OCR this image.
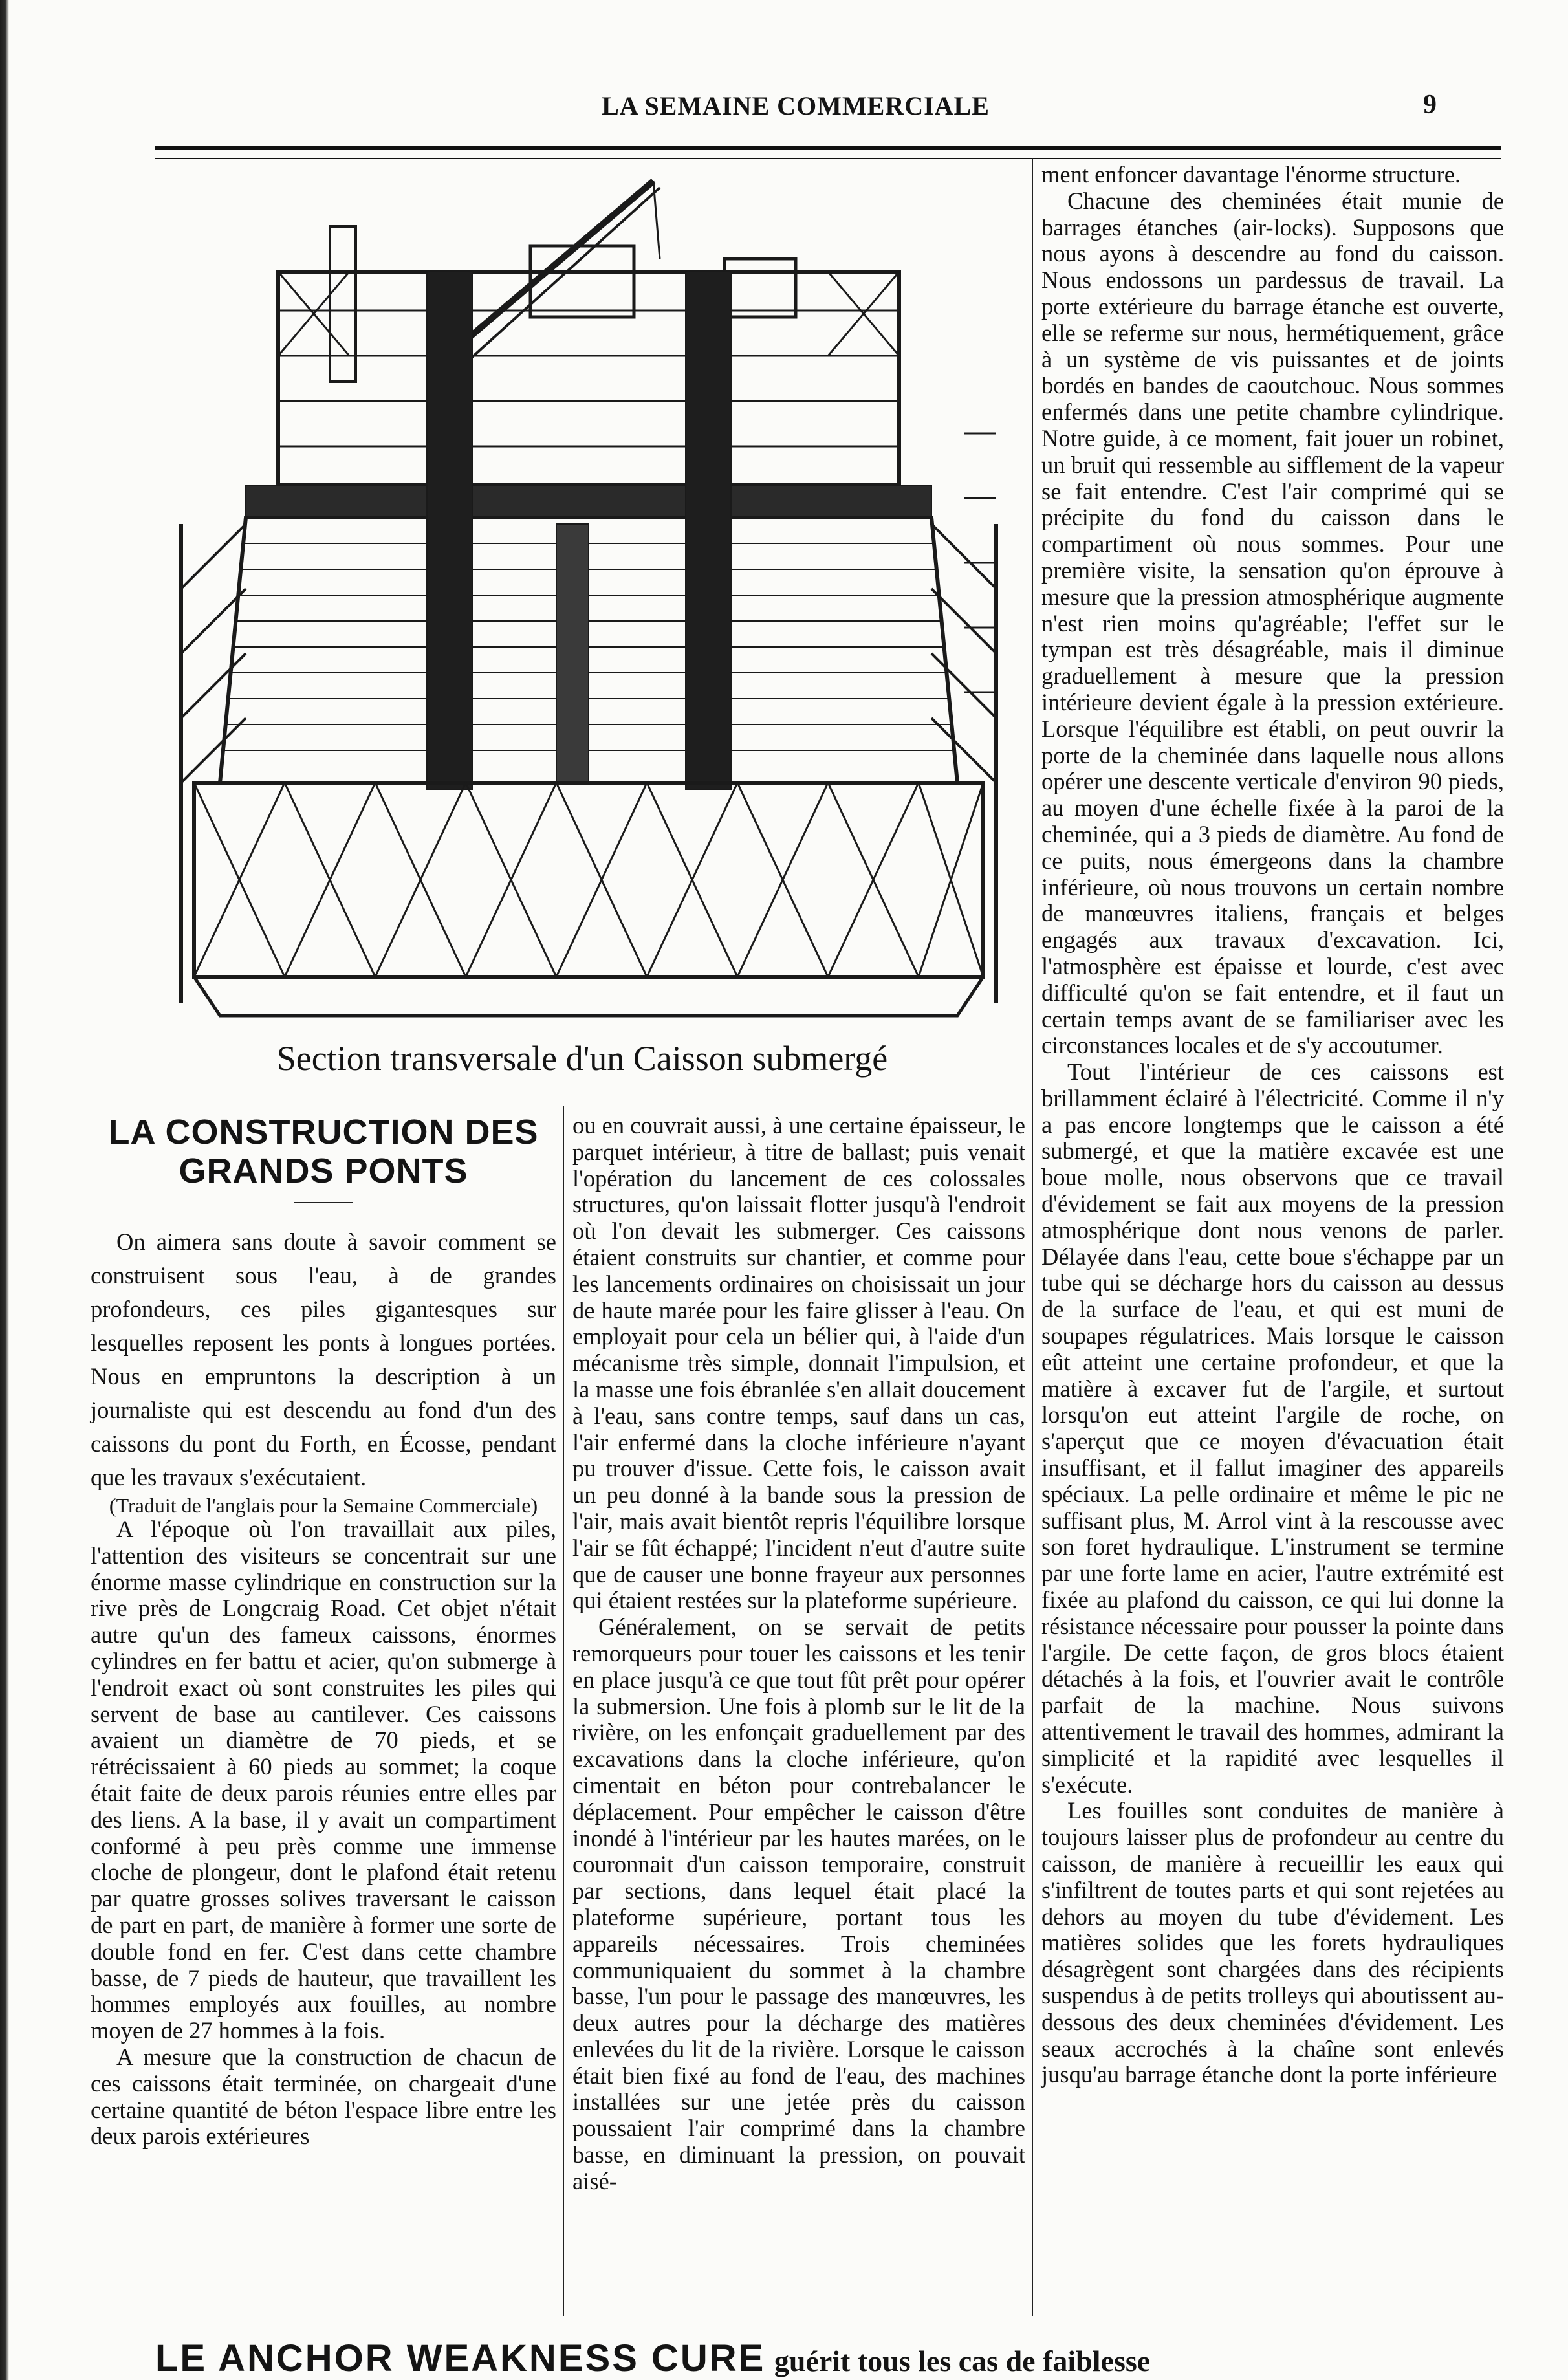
LA SEMAINE COMMERCIALE	9
Section transversale d'un Caisson submergé
LA CONSTRUCTION DES GRANDS PONTS

On aimera sans doute à savoir comment se construisent sous l'eau, à de grandes profondeurs, ces piles gigantesques sur lesquelles reposent les ponts à longues portées. Nous en empruntons la description à un journaliste qui est descendu au fond d'un des caissons du pont du Forth, en Écosse, pendant que les travaux s'exécutaient.

(Traduit de l'anglais pour la Semaine Commerciale)

A l'époque où l'on travaillait aux piles, l'attention des visiteurs se concentrait sur une énorme masse cylindrique en construction sur la rive près de Longcraig Road. Cet objet n'était autre qu'un des fameux caissons, énormes cylindres en fer battu et acier, qu'on submerge à l'endroit exact où sont construites les piles qui servent de base au cantilever. Ces caissons avaient un diamètre de 70 pieds, et se rétrécissaient à 60 pieds au sommet; la coque était faite de deux parois réunies entre elles par des liens. A la base, il y avait un compartiment conformé à peu près comme une immense cloche de plongeur, dont le plafond était retenu par quatre grosses solives traversant le caisson de part en part, de manière à former une sorte de double fond en fer. C'est dans cette chambre basse, de 7 pieds de hauteur, que travaillent les hommes employés aux fouilles, au nombre moyen de 27 hommes à la fois.

A mesure que la construction de chacun de ces caissons était terminée, on chargeait d'une certaine quantité de béton l'espace libre entre les deux parois extérieures

ou en couvrait aussi, à une certaine épaisseur, le parquet intérieur, à titre de ballast; puis venait l'opération du lancement de ces colossales structures, qu'on laissait flotter jusqu'à l'endroit où l'on devait les submerger. Ces caissons étaient construits sur chantier, et comme pour les lancements ordinaires on choisissait un jour de haute marée pour les faire glisser à l'eau. On employait pour cela un bélier qui, à l'aide d'un mécanisme très simple, donnait l'impulsion, et la masse une fois ébranlée s'en allait doucement à l'eau, sans contre temps, sauf dans un cas, l'air enfermé dans la cloche inférieure n'ayant pu trouver d'issue. Cette fois, le caisson avait un peu donné à la bande sous la pression de l'air, mais avait bientôt repris l'équilibre lorsque l'air se fût échappé; l'incident n'eut d'autre suite que de causer une bonne frayeur aux personnes qui étaient restées sur la plateforme supérieure.

Généralement, on se servait de petits remorqueurs pour touer les caissons et les tenir en place jusqu'à ce que tout fût prêt pour opérer la submersion. Une fois à plomb sur le lit de la rivière, on les enfonçait graduellement par des excavations dans la cloche inférieure, qu'on cimentait en béton pour contrebalancer le déplacement. Pour empêcher le caisson d'être inondé à l'intérieur par les hautes marées, on le couronnait d'un caisson temporaire, construit par sections, dans lequel était placé la plateforme supérieure, portant tous les appareils nécessaires. Trois cheminées communiquaient du sommet à la chambre basse, l'un pour le passage des manœuvres, les deux autres pour la décharge des matières enlevées du lit de la rivière. Lorsque le caisson était bien fixé au fond de l'eau, des machines installées sur une jetée près du caisson poussaient l'air comprimé dans la chambre basse, en diminuant la pression, on pouvait aisé-

ment enfoncer davantage l'énorme structure.

Chacune des cheminées était munie de barrages étanches (air-locks). Supposons que nous ayons à descendre au fond du caisson. Nous endossons un pardessus de travail. La porte extérieure du barrage étanche est ouverte, elle se referme sur nous, hermétiquement, grâce à un système de vis puissantes et de joints bordés en bandes de caoutchouc. Nous sommes enfermés dans une petite chambre cylindrique. Notre guide, à ce moment, fait jouer un robinet, un bruit qui ressemble au sifflement de la vapeur se fait entendre. C'est l'air comprimé qui se précipite du fond du caisson dans le compartiment où nous sommes. Pour une première visite, la sensation qu'on éprouve à mesure que la pression atmosphérique augmente n'est rien moins qu'agréable; l'effet sur le tympan est très désagréable, mais il diminue graduellement à mesure que la pression intérieure devient égale à la pression extérieure. Lorsque l'équilibre est établi, on peut ouvrir la porte de la cheminée dans laquelle nous allons opérer une descente verticale d'environ 90 pieds, au moyen d'une échelle fixée à la paroi de la cheminée, qui a 3 pieds de diamètre. Au fond de ce puits, nous émergeons dans la chambre inférieure, où nous trouvons un certain nombre de manœuvres italiens, français et belges engagés aux travaux d'excavation. Ici, l'atmosphère est épaisse et lourde, c'est avec difficulté qu'on se fait entendre, et il faut un certain temps avant de se familiariser avec les circonstances locales et de s'y accoutumer.

Tout l'intérieur de ces caissons est brillamment éclairé à l'électricité. Comme il n'y a pas encore longtemps que le caisson a été submergé, et que la matière excavée est une boue molle, nous observons que ce travail d'évidement se fait aux moyens de la pression atmosphérique dont nous venons de parler. Délayée dans l'eau, cette boue s'échappe par un tube qui se décharge hors du caisson au dessus de la surface de l'eau, et qui est muni de soupapes régulatrices. Mais lorsque le caisson eût atteint une certaine profondeur, et que la matière à excaver fut de l'argile, et surtout lorsqu'on eut atteint l'argile de roche, on s'aperçut que ce moyen d'évacuation était insuffisant, et il fallut imaginer des appareils spéciaux. La pelle ordinaire et même le pic ne suffisant plus, M. Arrol vint à la rescousse avec son foret hydraulique. L'instrument se termine par une forte lame en acier, l'autre extrémité est fixée au plafond du caisson, ce qui lui donne la résistance nécessaire pour pousser la pointe dans l'argile. De cette façon, de gros blocs étaient détachés à la fois, et l'ouvrier avait le contrôle parfait de la machine. Nous suivons attentivement le travail des hommes, admirant la simplicité et la rapidité avec lesquelles il s'exécute.

Les fouilles sont conduites de manière à toujours laisser plus de profondeur au centre du caisson, de manière à recueillir les eaux qui s'infiltrent de toutes parts et qui sont rejetées au dehors au moyen du tube d'évidement. Les matières solides que les forets hydrauliques désagrègent sont chargées dans des récipients suspendus à de petits trolleys qui aboutissent au-dessous des deux cheminées d'évidement. Les seaux accrochés à la chaîne sont enlevés jusqu'au barrage étanche dont la porte inférieure

LE ANCHOR WEAKNESS CURE guérit tous les cas de faiblesse
